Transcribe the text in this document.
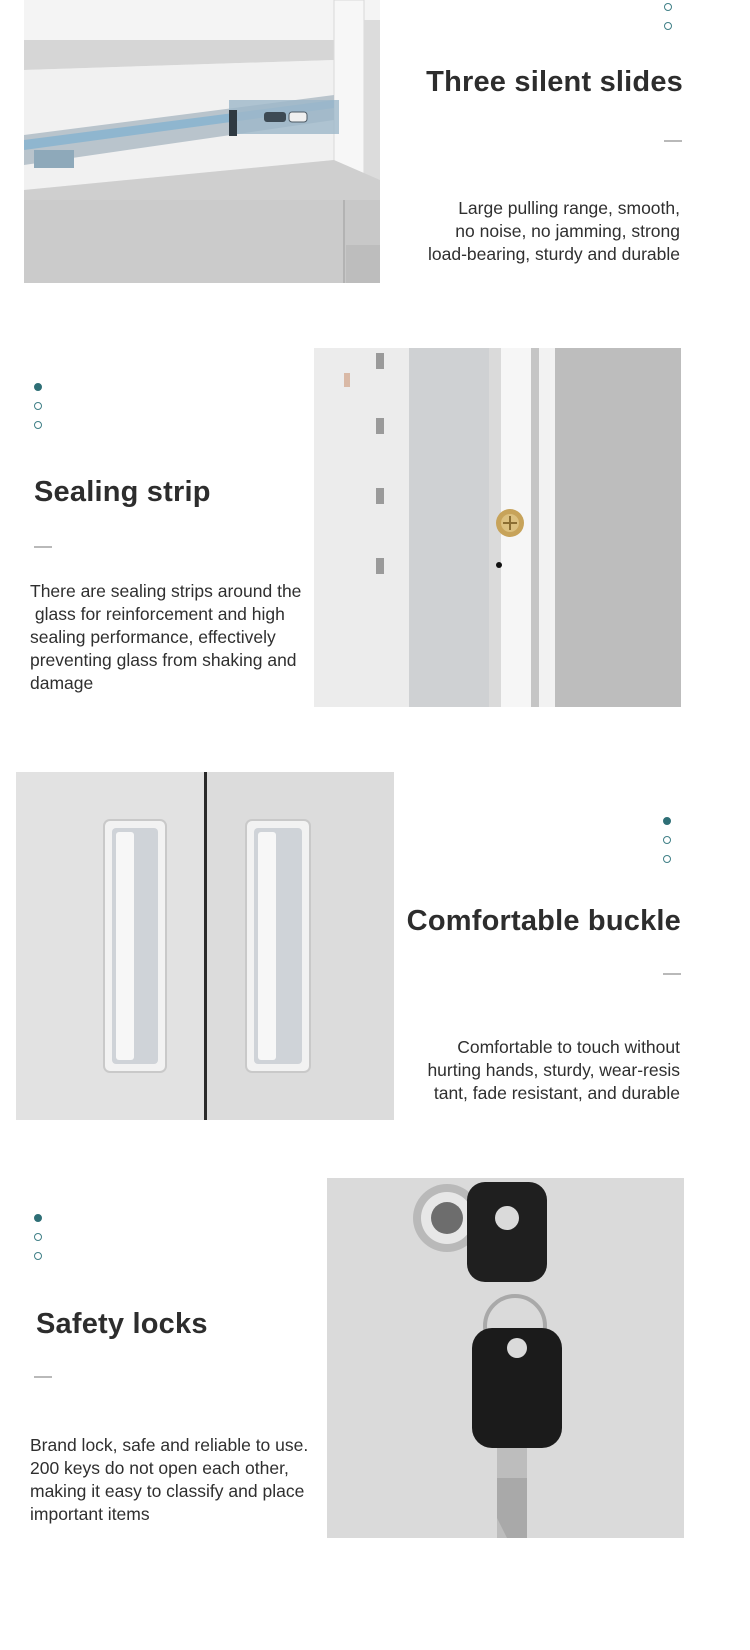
Three silent slides
Large pulling range, smooth,
no noise, no jamming, strong
load-bearing, sturdy and durable
Sealing strip
There are sealing strips around the
glass for reinforcement and high
sealing performance, effectively
preventing glass from shaking and
damage
Comfortable buckle
Comfortable to touch without
hurting hands, sturdy, wear-resis
tant, fade resistant, and durable
Safety locks
Brand lock, safe and reliable to use.
200 keys do not open each other,
making it easy to classify and place
important items
